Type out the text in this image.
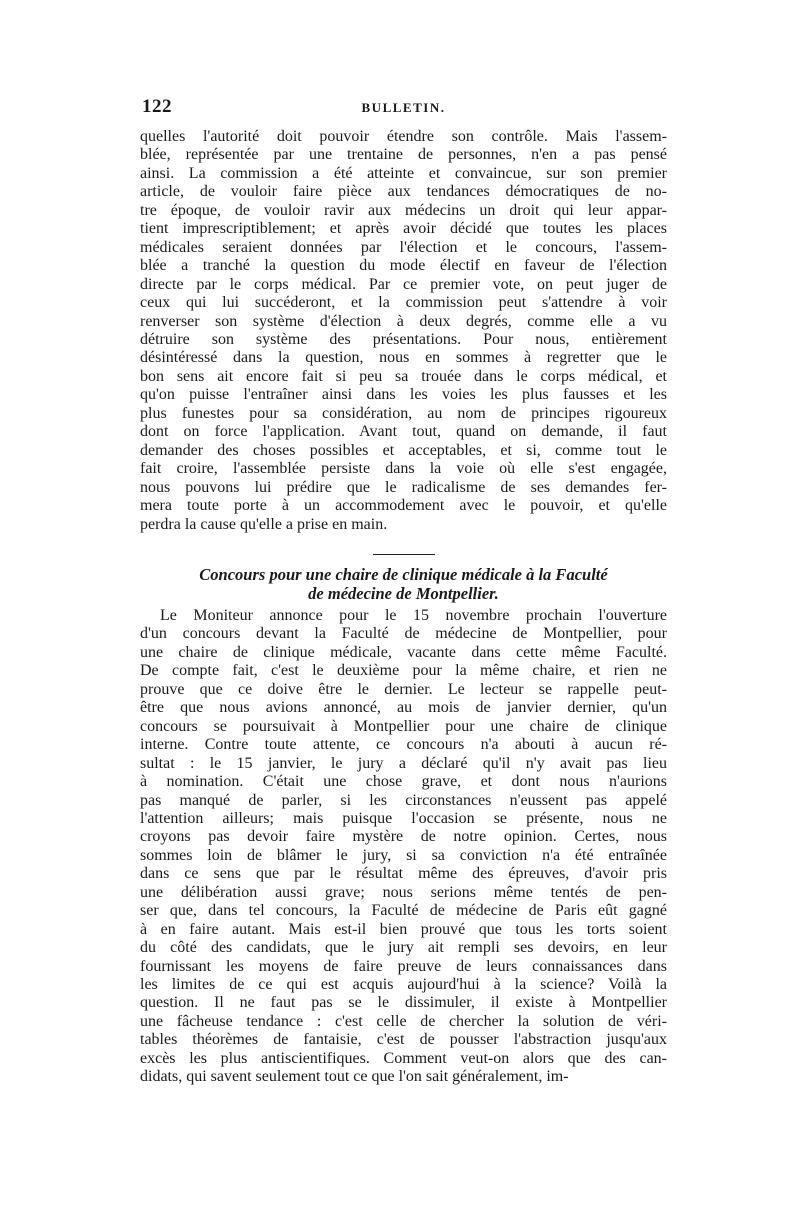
122	BULLETIN.

quelles l'autorité doit pouvoir étendre son contrôle. Mais l'assem-
blée, représentée par une trentaine de personnes, n'en a pas pensé
ainsi. La commission a été atteinte et convaincue, sur son premier
article, de vouloir faire pièce aux tendances démocratiques de no-
tre époque, de vouloir ravir aux médecins un droit qui leur appar-
tient imprescriptiblement; et après avoir décidé que toutes les places
médicales seraient données par l'élection et le concours, l'assem-
blée a tranché la question du mode électif en faveur de l'élection
directe par le corps médical. Par ce premier vote, on peut juger de
ceux qui lui succéderont, et la commission peut s'attendre à voir
renverser son système d'élection à deux degrés, comme elle a vu
détruire son système des présentations. Pour nous, entièrement
désintéressé dans la question, nous en sommes à regretter que le
bon sens ait encore fait si peu sa trouée dans le corps médical, et
qu'on puisse l'entraîner ainsi dans les voies les plus fausses et les
plus funestes pour sa considération, au nom de principes rigoureux
dont on force l'application. Avant tout, quand on demande, il faut
demander des choses possibles et acceptables, et si, comme tout le
fait croire, l'assemblée persiste dans la voie où elle s'est engagée,
nous pouvons lui prédire que le radicalisme de ses demandes fer-
mera toute porte à un accommodement avec le pouvoir, et qu'elle
perdra la cause qu'elle a prise en main.

Concours pour une chaire de clinique médicale à la Faculté
de médecine de Montpellier.

Le Moniteur annonce pour le 15 novembre prochain l'ouverture
d'un concours devant la Faculté de médecine de Montpellier, pour
une chaire de clinique médicale, vacante dans cette même Faculté.
De compte fait, c'est le deuxième pour la même chaire, et rien ne
prouve que ce doive être le dernier. Le lecteur se rappelle peut-
être que nous avions annoncé, au mois de janvier dernier, qu'un
concours se poursuivait à Montpellier pour une chaire de clinique
interne. Contre toute attente, ce concours n'a abouti à aucun ré-
sultat : le 15 janvier, le jury a déclaré qu'il n'y avait pas lieu
à nomination. C'était une chose grave, et dont nous n'aurions
pas manqué de parler, si les circonstances n'eussent pas appelé
l'attention ailleurs; mais puisque l'occasion se présente, nous ne
croyons pas devoir faire mystère de notre opinion. Certes, nous
sommes loin de blâmer le jury, si sa conviction n'a été entraînée
dans ce sens que par le résultat même des épreuves, d'avoir pris
une délibération aussi grave; nous serions même tentés de pen-
ser que, dans tel concours, la Faculté de médecine de Paris eût gagné
à en faire autant. Mais est-il bien prouvé que tous les torts soient
du côté des candidats, que le jury ait rempli ses devoirs, en leur
fournissant les moyens de faire preuve de leurs connaissances dans
les limites de ce qui est acquis aujourd'hui à la science? Voilà la
question. Il ne faut pas se le dissimuler, il existe à Montpellier
une fâcheuse tendance : c'est celle de chercher la solution de véri-
tables théorèmes de fantaisie, c'est de pousser l'abstraction jusqu'aux
excès les plus antiscientifiques. Comment veut-on alors que des can-
didats, qui savent seulement tout ce que l'on sait généralement, im-
